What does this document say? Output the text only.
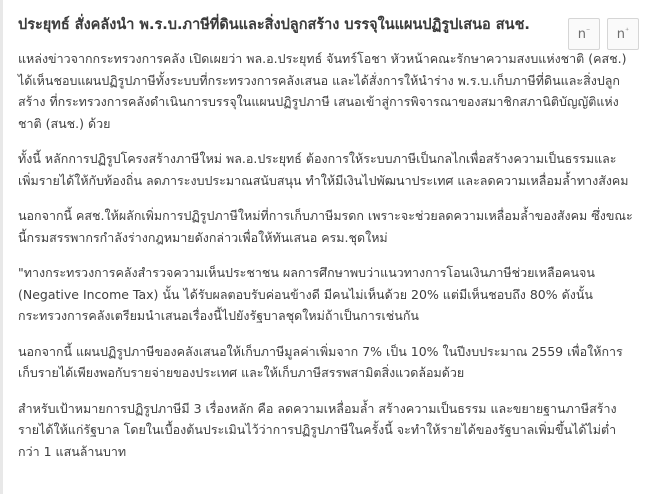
n ⁻ n ⁺
ประยุทธ์ สั่งคลังนำ พ.ร.บ.ภาษีที่ดินและสิ่งปลูกสร้าง บรรจุในแผนปฏิรูปเสนอ สนช.

แหล่งข่าวจากกระทรวงการคลัง เปิดเผยว่า พล.อ.ประยุทธ์ จันทร์โอชา หัวหน้าคณะรักษาความสงบแห่งชาติ (คสช.) ได้เห็นชอบแผนปฏิรูปภาษีทั้งระบบที่กระทรวงการคลังเสนอ และได้สั่งการให้นำร่าง พ.ร.บ.เก็บภาษีที่ดินและสิ่งปลูกสร้าง ที่กระทรวงการคลังดำเนินการบรรจุในแผนปฏิรูปภาษี เสนอเข้าสู่การพิจารณาของสมาชิกสภานิติบัญญัติแห่งชาติ (สนช.) ด้วย

ทั้งนี้ หลักการปฏิรูปโครงสร้างภาษีใหม่ พล.อ.ประยุทธ์ ต้องการให้ระบบภาษีเป็นกลไกเพื่อสร้างความเป็นธรรมและเพิ่มรายได้ให้กับท้องถิ่น ลดภาระงบประมาณสนับสนุน ทำให้มีเงินไปพัฒนาประเทศ และลดความเหลื่อมล้ำทางสังคม

นอกจากนี้ คสช.ให้ผลักเพิ่มการปฏิรูปภาษีใหม่ที่การเก็บภาษีมรดก เพราะจะช่วยลดความเหลื่อมล้ำของสังคม ซึ่งขณะนี้กรมสรรพากรกำลังร่างกฎหมายดังกล่าวเพื่อให้ทันเสนอ ครม.ชุดใหม่

"ทางกระทรวงการคลังสำรวจความเห็นประชาชน ผลการศึกษาพบว่าแนวทางการโอนเงินภาษีช่วยเหลือคนจน (Negative Income Tax) นั้น ได้รับผลตอบรับค่อนข้างดี มีคนไม่เห็นด้วย 20% แต่มีเห็นชอบถึง 80% ดังนั้นกระทรวงการคลังเตรียมนำเสนอเรื่องนี้ไปยังรัฐบาลชุดใหม่ถ้าเป็นการเช่นกัน

นอกจากนี้ แผนปฏิรูปภาษีของคลังเสนอให้เก็บภาษีมูลค่าเพิ่มจาก 7% เป็น 10% ในปีงบประมาณ 2559 เพื่อให้การเก็บรายได้เพียงพอกับรายจ่ายของประเทศ และให้เก็บภาษีสรรพสามิตสิ่งแวดล้อมด้วย

สำหรับเป้าหมายการปฏิรูปภาษีมี 3 เรื่องหลัก คือ ลดความเหลื่อมล้ำ สร้างความเป็นธรรม และขยายฐานภาษีสร้างรายได้ให้แก่รัฐบาล โดยในเบื้องต้นประเมินไว้ว่าการปฏิรูปภาษีในครั้งนี้ จะทำให้รายได้ของรัฐบาลเพิ่มขึ้นได้ไม่ต่ำกว่า 1 แสนล้านบาท
